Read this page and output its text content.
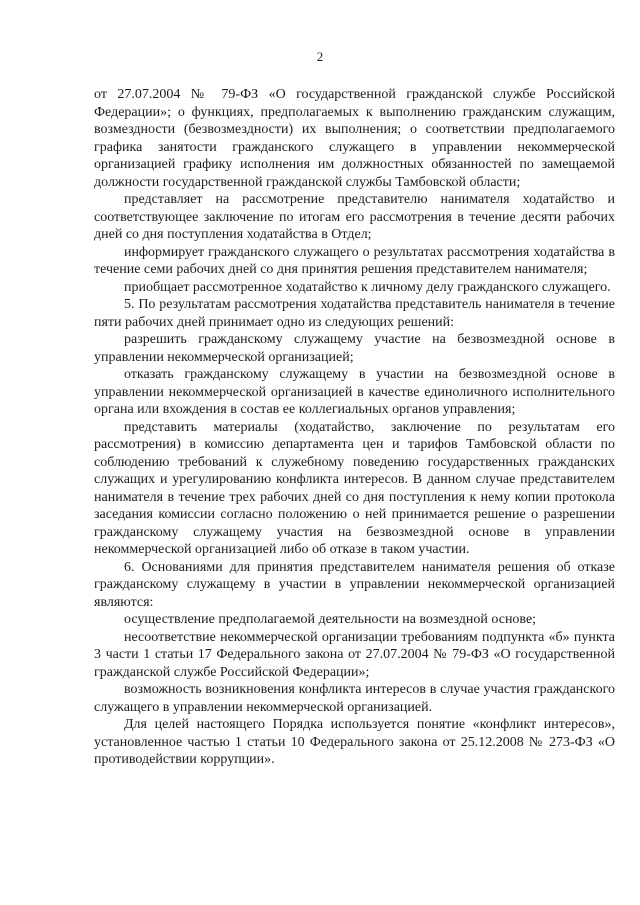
2

от 27.07.2004 № 79-ФЗ «О государственной гражданской службе Российской Федерации»; о функциях, предполагаемых к выполнению гражданским служащим, возмездности (безвозмездности) их выполнения; о соответствии предполагаемого графика занятости гражданского служащего в управлении некоммерческой организацией графику исполнения им должностных обязанностей по замещаемой должности государственной гражданской службы Тамбовской области;

представляет на рассмотрение представителю нанимателя ходатайство и соответствующее заключение по итогам его рассмотрения в течение десяти рабочих дней со дня поступления ходатайства в Отдел;

информирует гражданского служащего о результатах рассмотрения ходатайства в течение семи рабочих дней со дня принятия решения представителем нанимателя;

приобщает рассмотренное ходатайство к личному делу гражданского служащего.

5. По результатам рассмотрения ходатайства представитель нанимателя в течение пяти рабочих дней принимает одно из следующих решений:

разрешить гражданскому служащему участие на безвозмездной основе в управлении некоммерческой организацией;

отказать гражданскому служащему в участии на безвозмездной основе в управлении некоммерческой организацией в качестве единоличного исполнительного органа или вхождения в состав ее коллегиальных органов управления;

представить материалы (ходатайство, заключение по результатам его рассмотрения) в комиссию департамента цен и тарифов Тамбовской области по соблюдению требований к служебному поведению государственных гражданских служащих и урегулированию конфликта интересов. В данном случае представителем нанимателя в течение трех рабочих дней со дня поступления к нему копии протокола заседания комиссии согласно положению о ней принимается решение о разрешении гражданскому служащему участия на безвозмездной основе в управлении некоммерческой организацией либо об отказе в таком участии.

6. Основаниями для принятия представителем нанимателя решения об отказе гражданскому служащему в участии в управлении некоммерческой организацией являются:

осуществление предполагаемой деятельности на возмездной основе;

несоответствие некоммерческой организации требованиям подпункта «б» пункта 3 части 1 статьи 17 Федерального закона от 27.07.2004 № 79-ФЗ «О государственной гражданской службе Российской Федерации»;

возможность возникновения конфликта интересов в случае участия гражданского служащего в управлении некоммерческой организацией.

Для целей настоящего Порядка используется понятие «конфликт интересов», установленное частью 1 статьи 10 Федерального закона от 25.12.2008 № 273-ФЗ «О противодействии коррупции».
